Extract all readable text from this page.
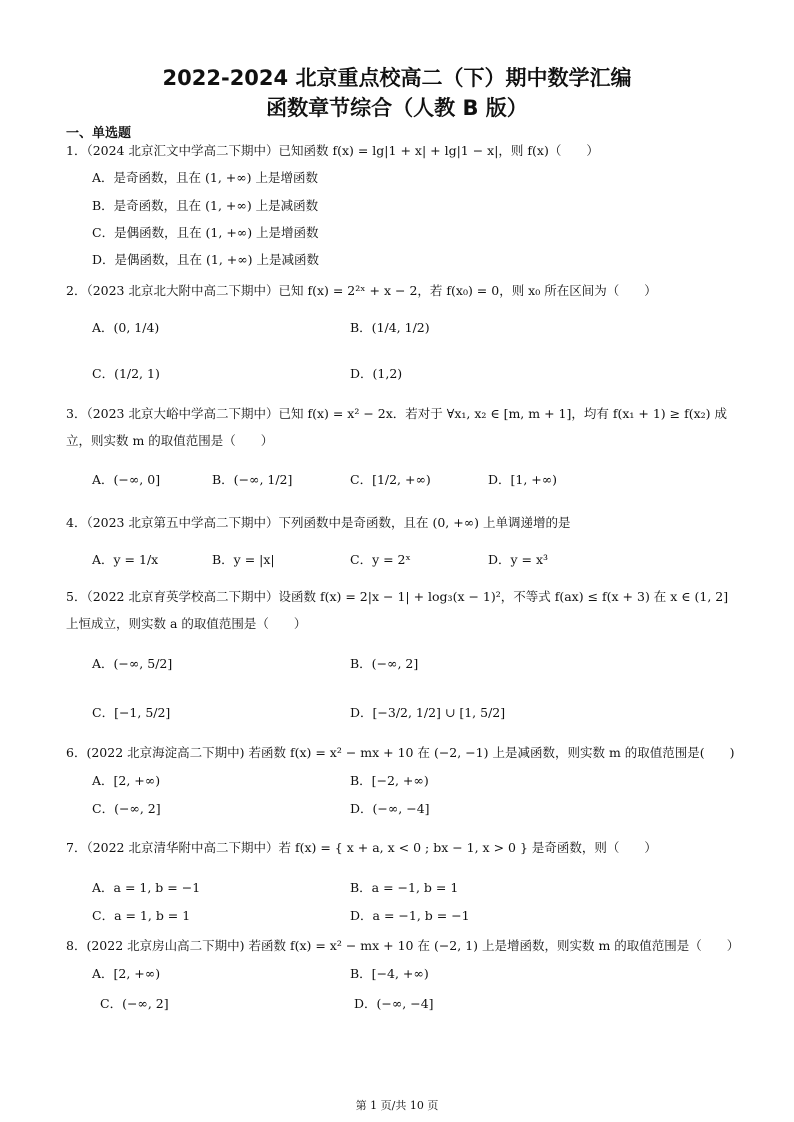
2022-2024 北京重点校高二（下）期中数学汇编
函数章节综合（人教 B 版）
一、单选题
1．（2024 北京汇文中学高二下期中）已知函数 f(x) = lg|1 + x| + lg|1 − x|，则 f(x)（　　）
A．是奇函数，且在 (1, +∞) 上是增函数
B．是奇函数，且在 (1, +∞) 上是减函数
C．是偶函数，且在 (1, +∞) 上是增函数
D．是偶函数，且在 (1, +∞) 上是减函数
2．（2023 北京北大附中高二下期中）已知 f(x) = 2²ˣ + x − 2，若 f(x₀) = 0，则 x₀ 所在区间为（　　）
A．(0, 1/4)	B．(1/4, 1/2)
C．(1/2, 1)	D．(1,2)
3．（2023 北京大峪中学高二下期中）已知 f(x) = x² − 2x．若对于 ∀x₁, x₂ ∈ [m, m + 1]，均有 f(x₁ + 1) ≥ f(x₂) 成
立，则实数 m 的取值范围是（　　）
A．(−∞, 0]	B．(−∞, 1/2]	C．[1/2, +∞)	D．[1, +∞)
4．（2023 北京第五中学高二下期中）下列函数中是奇函数，且在 (0, +∞) 上单调递增的是
A．y = 1/x	B．y = |x|	C．y = 2ˣ	D．y = x³
5．（2022 北京育英学校高二下期中）设函数 f(x) = 2|x − 1| + log₃(x − 1)²，不等式 f(ax) ≤ f(x + 3) 在 x ∈ (1, 2]
上恒成立，则实数 a 的取值范围是（　　）
A．(−∞, 5/2]	B．(−∞, 2]
C．[−1, 5/2]	D．[−3/2, 1/2] ∪ [1, 5/2]
6．(2022 北京海淀高二下期中) 若函数 f(x) = x² − mx + 10 在 (−2, −1) 上是减函数，则实数 m 的取值范围是(　　)
A．[2, +∞)	B．[−2, +∞)
C．(−∞, 2]	D．(−∞, −4]
7．（2022 北京清华附中高二下期中）若 f(x) = { x + a, x < 0 ; bx − 1, x > 0 } 是奇函数，则（　　）
A．a = 1, b = −1	B．a = −1, b = 1
C．a = 1, b = 1	D．a = −1, b = −1
8．(2022 北京房山高二下期中) 若函数 f(x) = x² − mx + 10 在 (−2, 1) 上是增函数，则实数 m 的取值范围是（　　）
A．[2, +∞)	B．[−4, +∞)
C．(−∞, 2]	D．(−∞, −4]
第 1 页/共 10 页
